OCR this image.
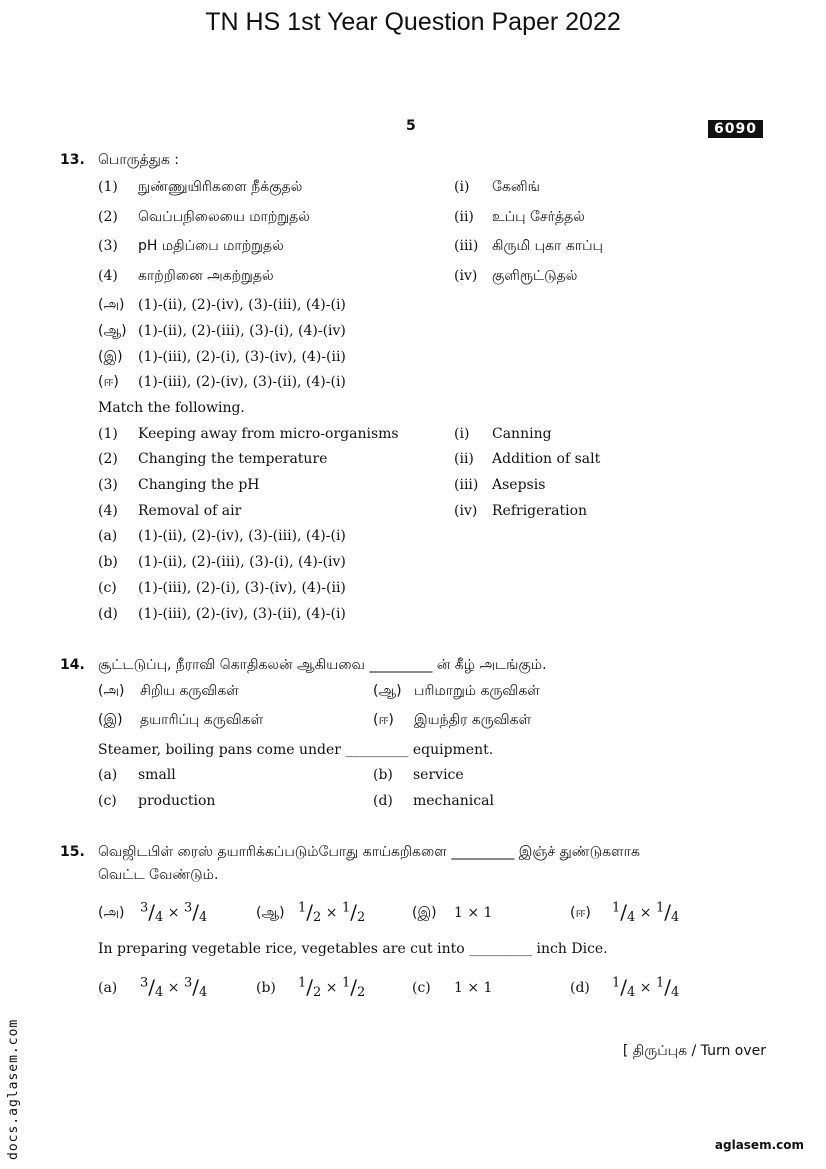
TN HS 1st Year Question Paper 2022
5	6090
13. பொருத்துக :
(1) நுண்ணுயிரிகளை நீக்குதல்	(i) கேனிங்
(2) வெப்பநிலையை மாற்றுதல்	(ii) உப்பு சேர்த்தல்
(3) pH மதிப்பை மாற்றுதல்	(iii) கிருமி புகா காப்பு
(4) காற்றினை அகற்றுதல்	(iv) குளிரூட்டுதல்
(அ) (1)-(ii), (2)-(iv), (3)-(iii), (4)-(i)
(ஆ) (1)-(ii), (2)-(iii), (3)-(i), (4)-(iv)
(இ) (1)-(iii), (2)-(i), (3)-(iv), (4)-(ii)
(ஈ) (1)-(iii), (2)-(iv), (3)-(ii), (4)-(i)
Match the following.
(1) Keeping away from micro-organisms	(i) Canning
(2) Changing the temperature	(ii) Addition of salt
(3) Changing the pH	(iii) Asepsis
(4) Removal of air	(iv) Refrigeration
(a) (1)-(ii), (2)-(iv), (3)-(iii), (4)-(i)
(b) (1)-(ii), (2)-(iii), (3)-(i), (4)-(iv)
(c) (1)-(iii), (2)-(i), (3)-(iv), (4)-(ii)
(d) (1)-(iii), (2)-(iv), (3)-(ii), (4)-(i)
14. சூட்டடுப்பு, நீராவி கொதிகலன் ஆகியவை _________ ன் கீழ் அடங்கும்.
(அ) சிறிய கருவிகள்	(ஆ) பரிமாறும் கருவிகள்
(இ) தயாரிப்பு கருவிகள்	(ஈ) இயந்திர கருவிகள்
Steamer, boiling pans come under _________ equipment.
(a) small	(b) service
(c) production	(d) mechanical
15. வெஜிடபிள் ரைஸ் தயாரிக்கப்படும்போது காய்கறிகளை _________ இஞ்ச் துண்டுகளாக
வெட்ட வேண்டும்.
(அ) $^3/_4 \times ^3/_4$	(ஆ) $^1/_2 \times ^1/_2$	(இ) 1 × 1	(ஈ) $^1/_4 \times ^1/_4$
In preparing vegetable rice, vegetables are cut into _________ inch Dice.
(a) $^3/_4 \times ^3/_4$	(b) $^1/_2 \times ^1/_2$	(c) 1 × 1	(d) $^1/_4 \times ^1/_4$
[ திருப்புக / Turn over
docs.aglasem.com	aglasem.com
